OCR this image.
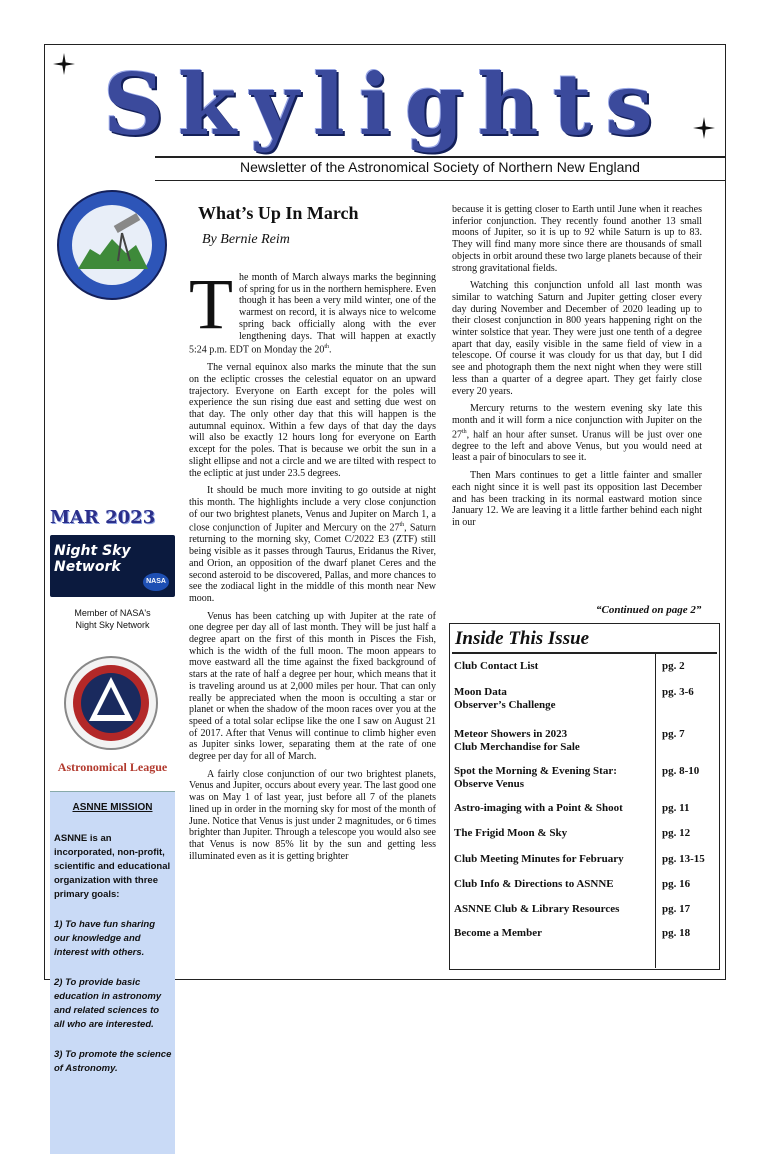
Skylights
Newsletter of the Astronomical Society of Northern New England
MAR 2023
Night Sky Network
NASA
Member of NASA's
Night Sky Network
Astronomical League
ASNNE MISSION

ASNNE is an incorporated, non-profit, scientific and educational organization with three primary goals:

1) To have fun sharing our knowledge and interest with others.

2) To provide basic education in astronomy and related sciences to all who are interested.

3) To promote the science of Astronomy.

What’s Up In March
By Bernie Reim
T he month of March always marks the beginning of spring for us in the northern hemisphere. Even though it has been a very mild winter, one of the warmest on record, it is always nice to welcome spring back officially along with the ever lengthening days. That will happen at exactly 5:24 p.m. EDT on Monday the 20th.

The vernal equinox also marks the minute that the sun on the ecliptic crosses the celestial equator on an upward trajectory. Everyone on Earth except for the poles will experience the sun rising due east and setting due west on that day. The only other day that this will happen is the autumnal equinox. Within a few days of that day the days will also be exactly 12 hours long for everyone on Earth except for the poles. That is because we orbit the sun in a slight ellipse and not a circle and we are tilted with respect to the ecliptic at just under 23.5 degrees.

It should be much more inviting to go outside at night this month. The highlights include a very close conjunction of our two brightest planets, Venus and Jupiter on March 1, a close conjunction of Jupiter and Mercury on the 27th, Saturn returning to the morning sky, Comet C/2022 E3 (ZTF) still being visible as it passes through Taurus, Eridanus the River, and Orion, an opposition of the dwarf planet Ceres and the second asteroid to be discovered, Pallas, and more chances to see the zodiacal light in the middle of this month near New moon.

Venus has been catching up with Jupiter at the rate of one degree per day all of last month. They will be just half a degree apart on the first of this month in Pisces the Fish, which is the width of the full moon. The moon appears to move eastward all the time against the fixed background of stars at the rate of half a degree per hour, which means that it is traveling around us at 2,000 miles per hour. That can only really be appreciated when the moon is occulting a star or planet or when the shadow of the moon races over you at the speed of a total solar eclipse like the one I saw on August 21 of 2017. After that Venus will continue to climb higher even as Jupiter sinks lower, separating them at the rate of one degree per day for all of March.

A fairly close conjunction of our two brightest planets, Venus and Jupiter, occurs about every year. The last good one was on May 1 of last year, just before all 7 of the planets lined up in order in the morning sky for most of the month of June. Notice that Venus is just under 2 magnitudes, or 6 times brighter than Jupiter. Through a telescope you would also see that Venus is now 85% lit by the sun and getting less illuminated even as it is getting brighter

because it is getting closer to Earth until June when it reaches inferior conjunction. They recently found another 13 small moons of Jupiter, so it is up to 92 while Saturn is up to 83. They will find many more since there are thousands of small objects in orbit around these two large planets because of their strong gravitational fields.

Watching this conjunction unfold all last month was similar to watching Saturn and Jupiter getting closer every day during November and December of 2020 leading up to their closest conjunction in 800 years happening right on the winter solstice that year. They were just one tenth of a degree apart that day, easily visible in the same field of view in a telescope. Of course it was cloudy for us that day, but I did see and photograph them the next night when they were still less than a quarter of a degree apart. They get fairly close every 20 years.

Mercury returns to the western evening sky late this month and it will form a nice conjunction with Jupiter on the 27th, half an hour after sunset. Uranus will be just over one degree to the left and above Venus, but you would need at least a pair of binoculars to see it.

Then Mars continues to get a little fainter and smaller each night since it is well past its opposition last December and has been tracking in its normal eastward motion since January 12. We are leaving it a little farther behind each night in our

“Continued on page 2”
Inside This Issue
Club Contact List	pg. 2
Moon Data
Observer’s Challenge
pg. 3-6
Meteor Showers in 2023
Club Merchandise for Sale
pg. 7
Spot the Morning & Evening Star: Observe Venus
pg. 8-10
Astro-imaging with a Point & Shoot	pg. 11
The Frigid Moon & Sky	pg. 12
Club Meeting Minutes for February	pg. 13-15
Club Info & Directions to ASNNE	pg. 16
ASNNE Club & Library Resources	pg. 17
Become a Member	pg. 18
